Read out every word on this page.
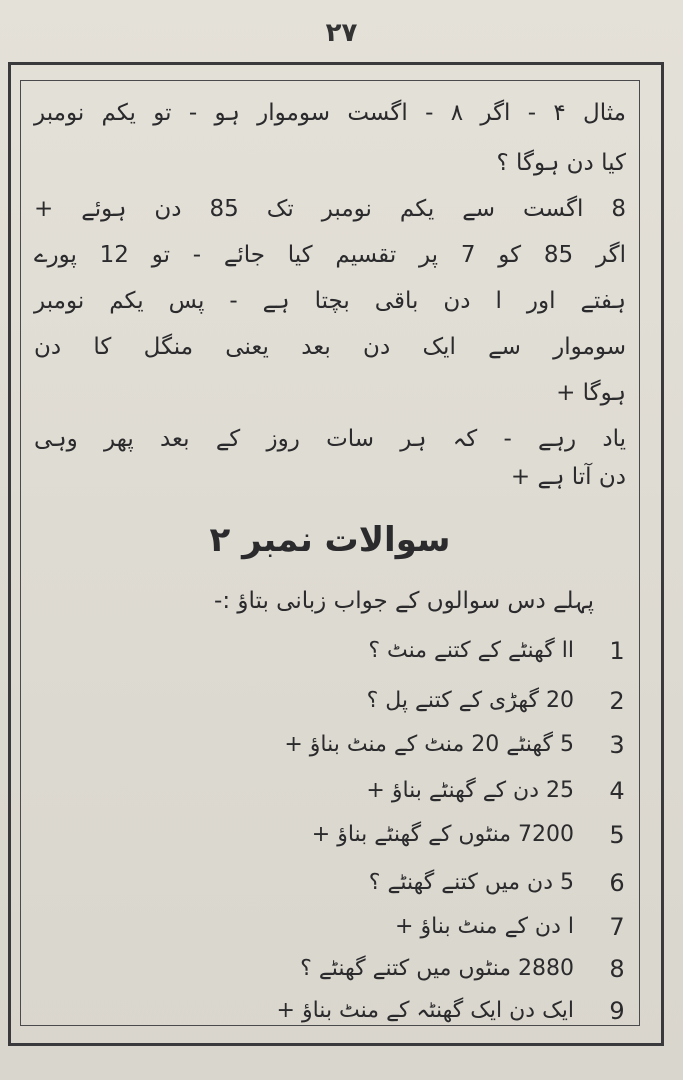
۲۷
مثال ۴ - اگر ۸ - اگست سوموار ہو - تو یکم نومبر
کیا دن ہوگا ؟
8 اگست سے یکم نومبر تک 85 دن ہوئے +
اگر 85 کو 7 پر تقسیم کیا جائے - تو 12 پورے
ہفتے اور ا دن باقی بچتا ہے - پس یکم نومبر
سوموار سے ایک دن بعد یعنی منگل کا دن
ہوگا +
یاد رہے - کہ ہر سات روز کے بعد پھر وہی
دن آتا ہے +
سوالات نمبر ۲
پہلے دس سوالوں کے جواب زبانی بتاؤ :-
1
اا گھنٹے کے کتنے منٹ ؟
2
20 گھڑی کے کتنے پل ؟
3
5 گھنٹے 20 منٹ کے منٹ بناؤ +
4
25 دن کے گھنٹے بناؤ +
5
7200 منٹوں کے گھنٹے بناؤ +
6
5 دن میں کتنے گھنٹے ؟
7
ا دن کے منٹ بناؤ +
8
2880 منٹوں میں کتنے گھنٹے ؟
9
ایک دن ایک گھنٹہ کے منٹ بناؤ +
